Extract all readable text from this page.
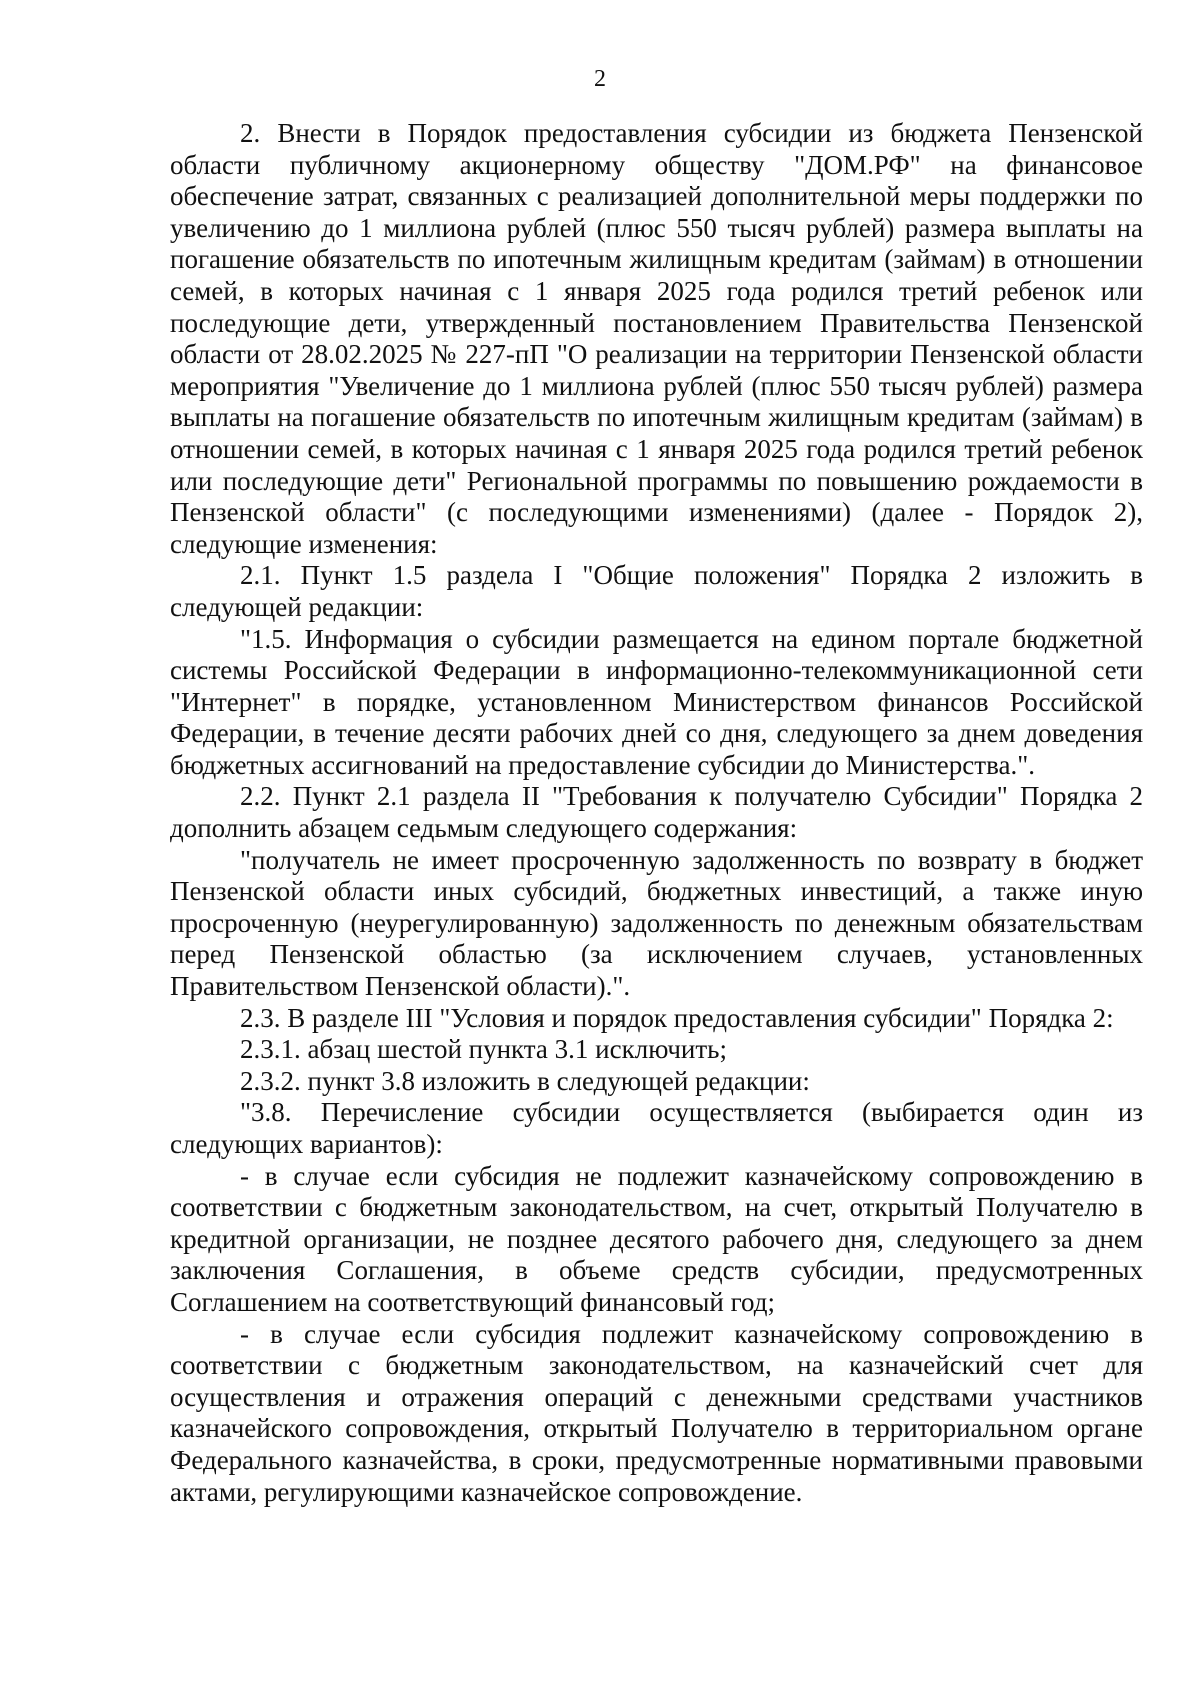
2

2. Внести в Порядок предоставления субсидии из бюджета Пензенской области публичному акционерному обществу "ДОМ.РФ" на финансовое обеспечение затрат, связанных с реализацией дополнительной меры поддержки по увеличению до 1 миллиона рублей (плюс 550 тысяч рублей) размера выплаты на погашение обязательств по ипотечным жилищным кредитам (займам) в отношении семей, в которых начиная с 1 января 2025 года родился третий ребенок или последующие дети, утвержденный постановлением Правительства Пензенской области от 28.02.2025 № 227-пП "О реализации на территории Пензенской области мероприятия "Увеличение до 1 миллиона рублей (плюс 550 тысяч рублей) размера выплаты на погашение обязательств по ипотечным жилищным кредитам (займам) в отношении семей, в которых начиная с 1 января 2025 года родился третий ребенок или последующие дети" Региональной программы по повышению рождаемости в Пензенской области" (с последующими изменениями) (далее - Порядок 2), следующие изменения:

2.1. Пункт 1.5 раздела I "Общие положения" Порядка 2 изложить в следующей редакции:

"1.5. Информация о субсидии размещается на едином портале бюджетной системы Российской Федерации в информационно-телекоммуникационной сети "Интернет" в порядке, установленном Министерством финансов Российской Федерации, в течение десяти рабочих дней со дня, следующего за днем доведения бюджетных ассигнований на предоставление субсидии до Министерства.".

2.2. Пункт 2.1 раздела II "Требования к получателю Субсидии" Порядка 2 дополнить абзацем седьмым следующего содержания:

"получатель не имеет просроченную задолженность по возврату в бюджет Пензенской области иных субсидий, бюджетных инвестиций, а также иную просроченную (неурегулированную) задолженность по денежным обязательствам перед Пензенской областью (за исключением случаев, установленных Правительством Пензенской области).".

2.3. В разделе III "Условия и порядок предоставления субсидии" Порядка 2:

2.3.1. абзац шестой пункта 3.1 исключить;

2.3.2. пункт 3.8 изложить в следующей редакции:

"3.8. Перечисление субсидии осуществляется (выбирается один из следующих вариантов):

- в случае если субсидия не подлежит казначейскому сопровождению в соответствии с бюджетным законодательством, на счет, открытый Получателю в кредитной организации, не позднее десятого рабочего дня, следующего за днем заключения Соглашения, в объеме средств субсидии, предусмотренных Соглашением на соответствующий финансовый год;

- в случае если субсидия подлежит казначейскому сопровождению в соответствии с бюджетным законодательством, на казначейский счет для осуществления и отражения операций с денежными средствами участников казначейского сопровождения, открытый Получателю в территориальном органе Федерального казначейства, в сроки, предусмотренные нормативными правовыми актами, регулирующими казначейское сопровождение.
